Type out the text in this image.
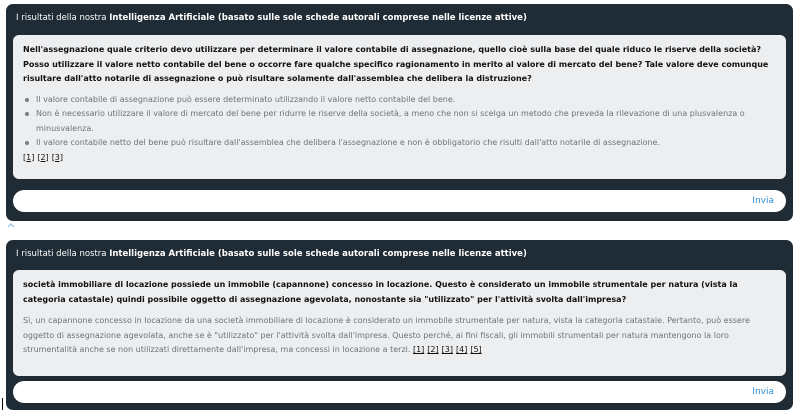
I risultati della nostra Intelligenza Artificiale (basato sulle sole schede autorali comprese nelle licenze attive)

Nell'assegnazione quale criterio devo utilizzare per determinare il valore contabile di assegnazione, quello cioè sulla base del quale riduco le riserve della società? Posso utilizzare il valore netto contabile del bene o occorre fare qualche specifico ragionamento in merito al valore di mercato del bene? Tale valore deve comunque risultare dall'atto notarile di assegnazione o può risultare solamente dall'assemblea che delibera la distruzione?

Il valore contabile di assegnazione può essere determinato utilizzando il valore netto contabile del bene.
Non è necessario utilizzare il valore di mercato del bene per ridurre le riserve della società, a meno che non si scelga un metodo che preveda la rilevazione di una plusvalenza o minusvalenza.
Il valore contabile netto del bene può risultare dall'assemblea che delibera l'assegnazione e non è obbligatorio che risulti dall'atto notarile di assegnazione.
[1] [2] [3]
Invia
I risultati della nostra Intelligenza Artificiale (basato sulle sole schede autorali comprese nelle licenze attive)

società immobiliare di locazione possiede un immobile (capannone) concesso in locazione. Questo è considerato un immobile strumentale per natura (vista la categoria catastale) quindi possibile oggetto di assegnazione agevolata, nonostante sia "utilizzato" per l'attività svolta dall'impresa?

Sì, un capannone concesso in locazione da una società immobiliare di locazione è considerato un immobile strumentale per natura, vista la categoria catastale. Pertanto, può essere oggetto di assegnazione agevolata, anche se è "utilizzato" per l'attività svolta dall'impresa. Questo perché, ai fini fiscali, gli immobili strumentali per natura mantengono la loro strumentalità anche se non utilizzati direttamente dall'impresa, ma concessi in locazione a terzi. [1] [2] [3] [4] [5]

Invia
